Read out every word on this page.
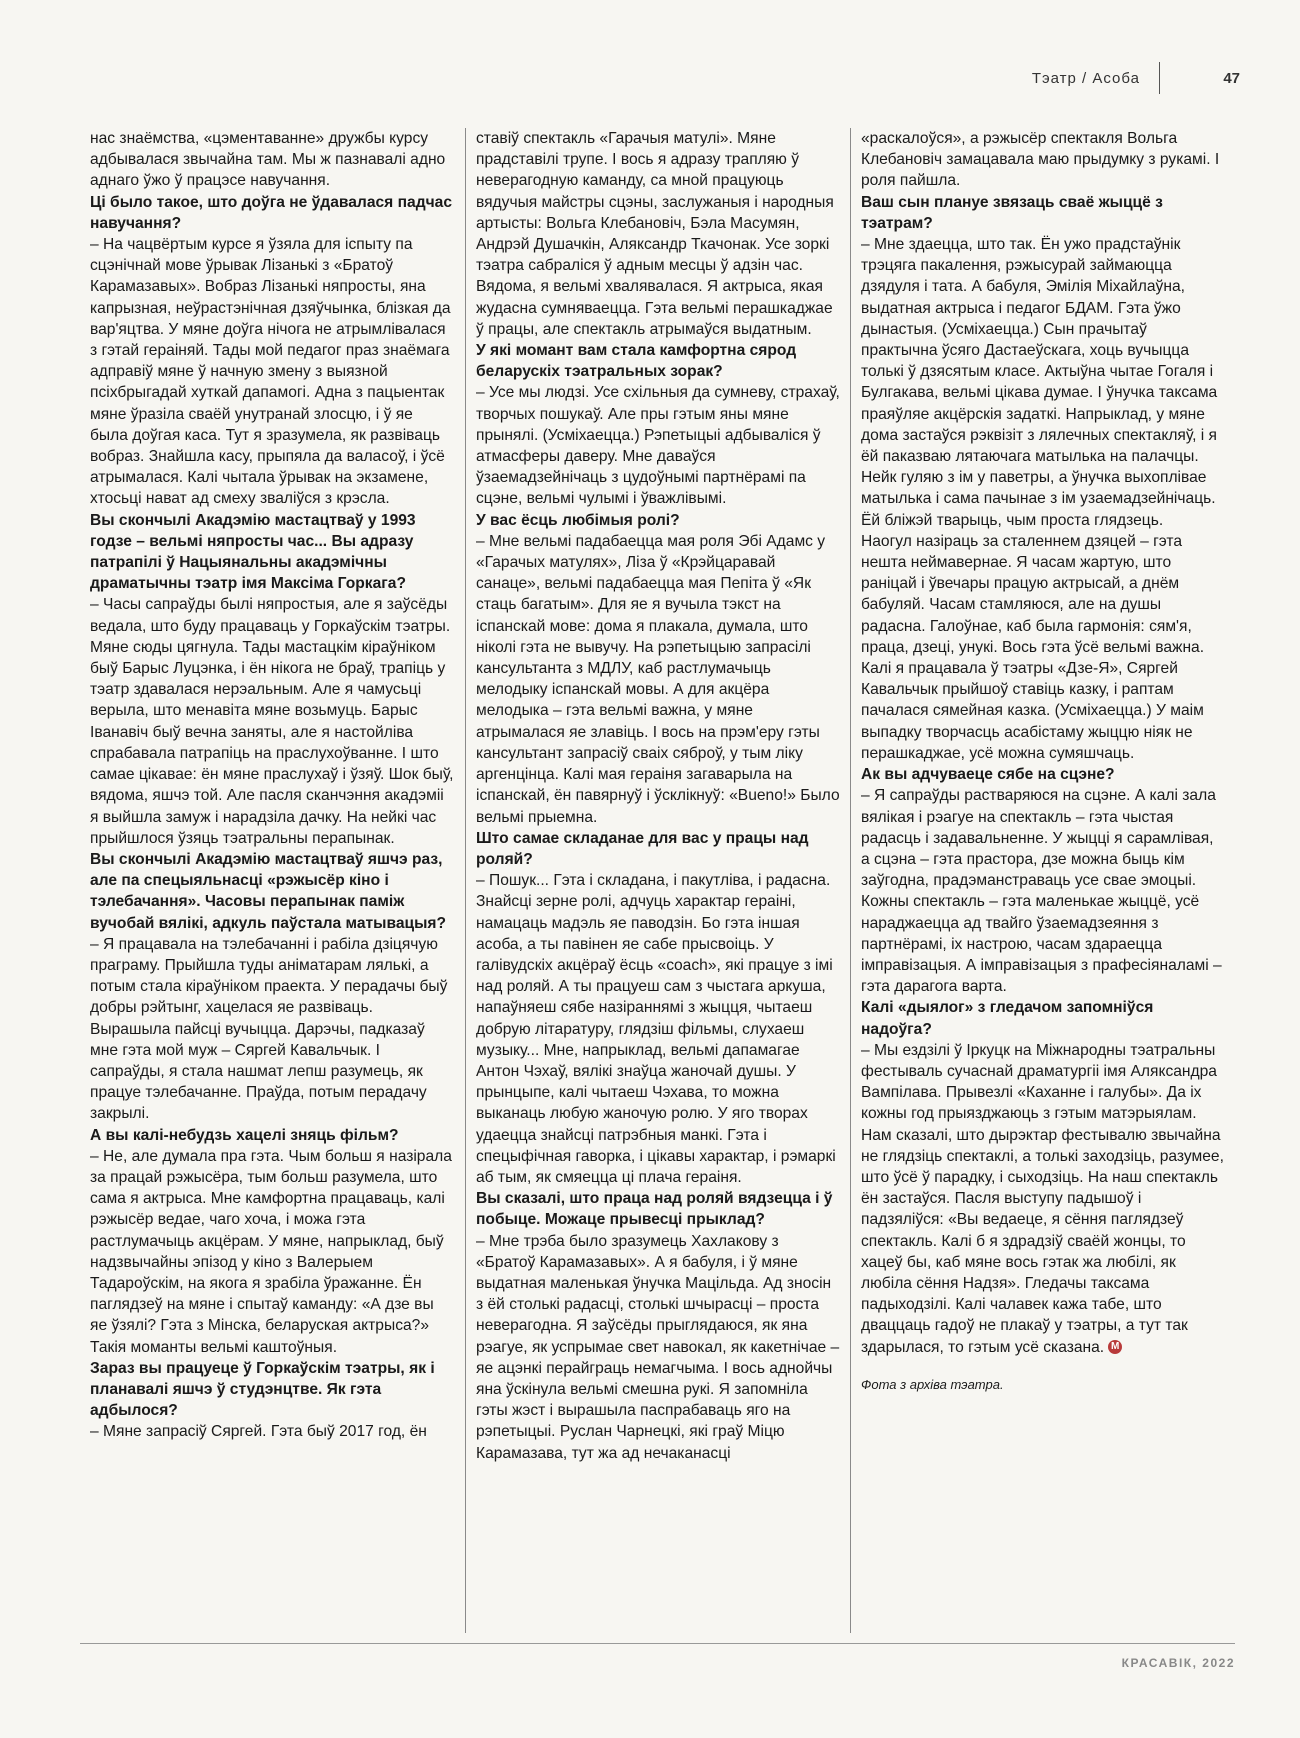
Тэатр / Асоба	47

нас знаёмства, «цэментаванне» дружбы курсу адбывалася звычайна там. Мы ж пазнавалі адно аднаго ўжо ў працэсе навучання.

Ці было такое, што доўга не ўдавалася падчас навучання?

– На чацвёртым курсе я ўзяла для іспыту па сцэнічнай мове ўрывак Лізанькі з «Братоў Карамазавых». Вобраз Лізанькі няпросты, яна капрызная, неўрастэнічная дзяўчынка, блізкая да вар'яцтва. У мяне доўга нічога не атрымлівалася з гэтай гераіняй. Тады мой педагог праз знаёмага адправіў мяне ў начную змену з выязной псіхбрыгадай хуткай дапамогі. Адна з пацыентак мяне ўразіла сваёй унутранай злосцю, і ў яе была доўгая каса. Тут я зразумела, як развіваць вобраз. Знайшла касу, прыпяла да валасоў, і ўсё атрымалася. Калі чытала ўрывак на экзамене, хтосьці нават ад смеху зваліўся з крэсла.

Вы скончылі Акадэмію мастацтваў у 1993 годзе – вельмі няпросты час... Вы адразу патрапілі ў Нацыянальны акадэмічны драматычны тэатр імя Максіма Горкага?

– Часы сапраўды былі няпростыя, але я заўсёды ведала, што буду працаваць у Горкаўскім тэатры. Мяне сюды цягнула. Тады мастацкім кіраўніком быў Барыс Луцэнка, і ён нікога не браў, трапіць у тэатр здавалася нерэальным. Але я чамусьці верыла, што менавіта мяне возьмуць. Барыс Іванавіч быў вечна заняты, але я настойліва спрабавала патрапіць на праслухоўванне. І што самае цікавае: ён мяне праслухаў і ўзяў. Шок быў, вядома, яшчэ той. Але пасля сканчэння акадэміі я выйшла замуж і нарадзіла дачку. На нейкі час прыйшлося ўзяць тэатральны перапынак.

Вы скончылі Акадэмію мастацтваў яшчэ раз, але па спецыяльнасці «рэжысёр кіно і тэлебачання». Часовы перапынак паміж вучобай вялікі, адкуль паўстала матывацыя?

– Я працавала на тэлебачанні і рабіла дзіцячую праграму. Прыйшла туды аніматарам лялькі, а потым стала кіраўніком праекта. У перадачы быў добры рэйтынг, хацелася яе развіваць. Вырашыла пайсці вучыцца. Дарэчы, падказаў мне гэта мой муж – Сяргей Кавальчык. І сапраўды, я стала нашмат лепш разумець, як працуе тэлебачанне. Праўда, потым перадачу закрылі.

А вы калі-небудзь хацелі зняць фільм?

– Не, але думала пра гэта. Чым больш я назірала за працай рэжысёра, тым больш разумела, што сама я актрыса. Мне камфортна працаваць, калі рэжысёр ведае, чаго хоча, і можа гэта растлумачыць акцёрам. У мяне, напрыклад, быў надзвычайны эпізод у кіно з Валерыем Тадароўскім, на якога я зрабіла ўражанне. Ён паглядзеў на мяне і спытаў каманду: «А дзе вы яе ўзялі? Гэта з Мінска, беларуская актрыса?» Такія моманты вельмі каштоўныя.

Зараз вы працуеце ў Горкаўскім тэатры, як і планавалі яшчэ ў студэнцтве. Як гэта адбылося?

– Мяне запрасіў Сяргей. Гэта быў 2017 год, ён

ставіў спектакль «Гарачыя матулі». Мяне прадставілі трупе. І вось я адразу трапляю ў неверагодную каманду, са мной працуюць вядучыя майстры сцэны, заслужаныя і народныя артысты: Вольга Клебановіч, Бэла Масумян, Андрэй Душачкін, Аляксандр Ткачонак. Усе зоркі тэатра сабраліся ў адным месцы ў адзін час. Вядома, я вельмі хвалявалася. Я актрыса, якая жудасна сумняваецца. Гэта вельмі перашкаджае ў працы, але спектакль атрымаўся выдатным.

У які момант вам стала камфортна сярод беларускіх тэатральных зорак?

– Усе мы людзі. Усе схільныя да сумневу, страхаў, творчых пошукаў. Але пры гэтым яны мяне прынялі. (Усміхаецца.) Рэпетыцыі адбываліся ў атмасферы даверу. Мне даваўся ўзаемадзейнічаць з цудоўнымі партнёрамі па сцэне, вельмі чулымі і ўважлівымі.

У вас ёсць любімыя ролі?

– Мне вельмі падабаецца мая роля Эбі Адамс у «Гарачых матулях», Ліза ў «Крэйцаравай санаце», вельмі падабаецца мая Пепіта ў «Як стаць багатым». Для яе я вучыла тэкст на іспанскай мове: дома я плакала, думала, што ніколі гэта не вывучу. На рэпетыцыю запрасілі кансультанта з МДЛУ, каб растлумачыць мелодыку іспанскай мовы. А для акцёра мелодыка – гэта вельмі важна, у мяне атрымалася яе злавіць. І вось на прэм'еру гэты кансультант запрасіў сваіх сяброў, у тым ліку аргенцінца. Калі мая гераіня загаварыла на іспанскай, ён павярнуў і ўсклікнуў: «Bueno!» Было вельмі прыемна.

Што самае складанае для вас у працы над роляй?

– Пошук... Гэта і складана, і пакутліва, і радасна. Знайсці зерне ролі, адчуць характар гераіні, намацаць мадэль яе паводзін. Бо гэта іншая асоба, а ты павінен яе сабе прысвоіць. У галівудскіх акцёраў ёсць «coach», які працуе з імі над роляй. А ты працуеш сам з чыстага аркуша, напаўняеш сябе назіраннямі з жыцця, чытаеш добрую літаратуру, глядзіш фільмы, слухаеш музыку... Мне, напрыклад, вельмі дапамагае Антон Чэхаў, вялікі знаўца жаночай душы. У прынцыпе, калі чытаеш Чэхава, то можна выканаць любую жаночую ролю. У яго творах удаецца знайсці патрэбныя манкі. Гэта і спецыфічная гаворка, і цікавы характар, і рэмаркі аб тым, як смяецца ці плача гераіня.

Вы сказалі, што праца над роляй вядзецца і ў побыце. Можаце прывесці прыклад?

– Мне трэба было зразумець Хахлакову з «Братоў Карамазавых». А я бабуля, і ў мяне выдатная маленькая ўнучка Мацільда. Ад зносін з ёй столькі радасці, столькі шчырасці – проста неверагодна. Я заўсёды прыглядаюся, як яна рэагуе, як успрымае свет навокал, як какетнічае – яе ацэнкі перайграць немагчыма. І вось аднойчы яна ўскінула вельмі смешна рукі. Я запомніла гэты жэст і вырашыла паспрабаваць яго на рэпетыцыі. Руслан Чарнецкі, які граў Міцю Карамазава, тут жа ад нечаканасці

«раскалоўся», а рэжысёр спектакля Вольга Клебановіч замацавала маю прыдумку з рукамі. І роля пайшла.

Ваш сын плануе звязаць сваё жыццё з тэатрам?

– Мне здаецца, што так. Ён ужо прадстаўнік трэцяга пакалення, рэжысурай займаюцца дзядуля і тата. А бабуля, Эмілія Міхайлаўна, выдатная актрыса і педагог БДАМ. Гэта ўжо дынастыя. (Усміхаецца.) Сын прачытаў практычна ўсяго Дастаеўскага, хоць вучыцца толькі ў дзясятым класе. Актыўна чытае Гогаля і Булгакава, вельмі цікава думае. І ўнучка таксама праяўляе акцёрскія задаткі. Напрыклад, у мяне дома застаўся рэквізіт з лялечных спектакляў, і я ёй паказваю лятаючага матылька на палачцы. Нейк гуляю з ім у паветры, а ўнучка выхоплівае матылька і сама пачынае з ім узаемадзейнічаць. Ёй бліжэй тварыць, чым проста глядзець.

Наогул назіраць за сталеннем дзяцей – гэта нешта неймавернае. Я часам жартую, што раніцай і ўвечары працую актрысай, а днём бабуляй. Часам стамляюся, але на душы радасна. Галоўнае, каб была гармонія: сям'я, праца, дзеці, унукі. Вось гэта ўсё вельмі важна. Калі я працавала ў тэатры «Дзе-Я», Сяргей Кавальчык прыйшоў ставіць казку, і раптам пачалася сямейная казка. (Усміхаецца.) У маім выпадку творчасць асабістаму жыццю ніяк не перашкаджае, усё можна сумяшчаць.

Ак вы адчуваеце сябе на сцэне?

– Я сапраўды растваряюся на сцэне. А калі зала вялікая і рэагуе на спектакль – гэта чыстая радасць і задавальненне. У жыцці я сарамлівая, а сцэна – гэта прастора, дзе можна быць кім заўгодна, прадэманстраваць усе свае эмоцыі. Кожны спектакль – гэта маленькае жыццё, усё нараджаецца ад твайго ўзаемадзеяння з партнёрамі, іх настрою, часам здараецца імправізацыя. А імправізацыя з прафесіяналамі – гэта дарагога варта.

Калі «дыялог» з гледачом запомніўся надоўга?

– Мы ездзілі ў Іркуцк на Міжнародны тэатральны фестываль сучаснай драматургіі імя Аляксандра Вампілава. Прывезлі «Каханне і галубы». Да іх кожны год прыязджаюць з гэтым матэрыялам. Нам сказалі, што дырэктар фестывалю звычайна не глядзіць спектаклі, а толькі заходзіць, разумее, што ўсё ў парадку, і сыходзіць. На наш спектакль ён застаўся. Пасля выступу падышоў і падзяліўся: «Вы ведаеце, я сёння паглядзеў спектакль. Калі б я здрадзіў сваёй жонцы, то хацеў бы, каб мяне вось гэтак жа любілі, як любіла сёння Надзя». Гледачы таксама падыходзілі. Калі чалавек кажа табе, што дваццаць гадоў не плакаў у тэатры, а тут так здарылася, то гэтым усё сказана. М

Фота з архіва тэатра.

КРАСАВІК, 2022
